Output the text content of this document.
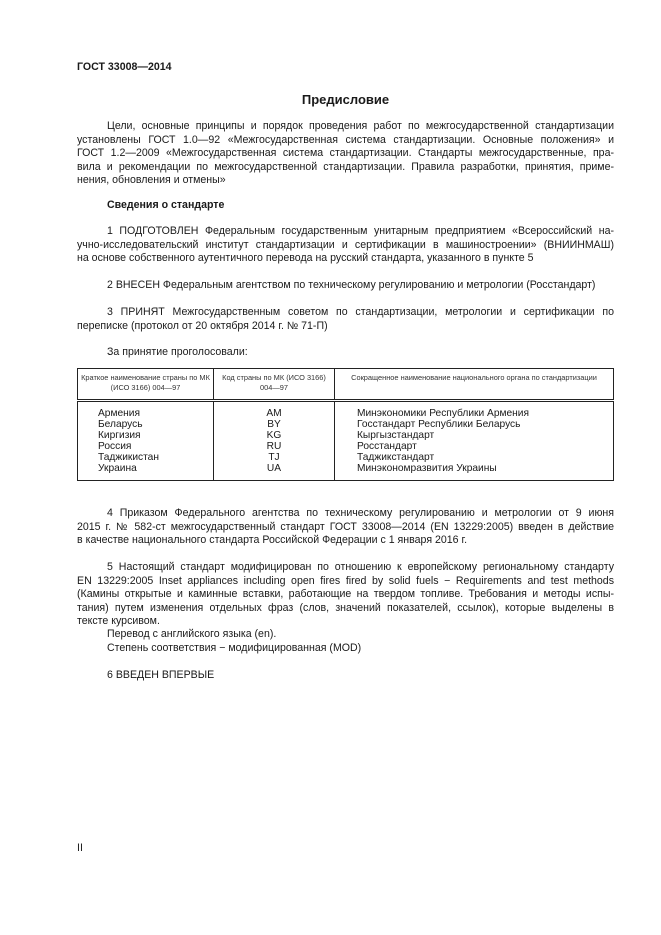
ГОСТ 33008—2014
Предисловие
Цели, основные принципы и порядок проведения работ по межгосударственной стандартизации
установлены ГОСТ 1.0—92 «Межгосударственная система стандартизации. Основные положения» и
ГОСТ 1.2—2009 «Межгосударственная система стандартизации. Стандарты межгосударственные, пра-
вила и рекомендации по межгосударственной стандартизации. Правила разработки, принятия, приме-
нения, обновления и отмены»
Сведения о стандарте
1 ПОДГОТОВЛЕН Федеральным государственным унитарным предприятием «Всероссийский на-
учно-исследовательский институт стандартизации и сертификации в машиностроении» (ВНИИНМАШ)
на основе собственного аутентичного перевода на русский стандарта, указанного в пункте 5
2 ВНЕСЕН Федеральным агентством по техническому регулированию и метрологии (Росстандарт)
3 ПРИНЯТ Межгосударственным советом по стандартизации, метрологии и сертификации по
переписке (протокол от 20 октября 2014 г. № 71-П)
За принятие проголосовали:
Краткое наименование страны по МК (ИСО 3166) 004—97	Код страны по МК (ИСО 3166) 004—97	Сокращенное наименование национального органа по стандартизации
Армения	AM	Минэкономики Республики Армения
Беларусь	BY	Госстандарт Республики Беларусь
Киргизия	KG	Кыргызстандарт
Россия	RU	Росстандарт
Таджикистан	TJ	Таджикстандарт
Украина	UA	Минэкономразвития Украины
4 Приказом Федерального агентства по техническому регулированию и метрологии от 9 июня
2015 г. № 582-ст межгосударственный стандарт ГОСТ 33008—2014 (EN 13229:2005) введен в действие
в качестве национального стандарта Российской Федерации с 1 января 2016 г.
5 Настоящий стандарт модифицирован по отношению к европейскому региональному стандарту
EN 13229:2005 Inset appliances including open fires fired by solid fuels − Requirements and test methods
(Камины открытые и каминные вставки, работающие на твердом топливе. Требования и методы испы-
тания) путем изменения отдельных фраз (слов, значений показателей, ссылок), которые выделены в
тексте курсивом.
Перевод с английского языка (en).
Степень соответствия − модифицированная (MOD)
6 ВВЕДЕН ВПЕРВЫЕ
II
